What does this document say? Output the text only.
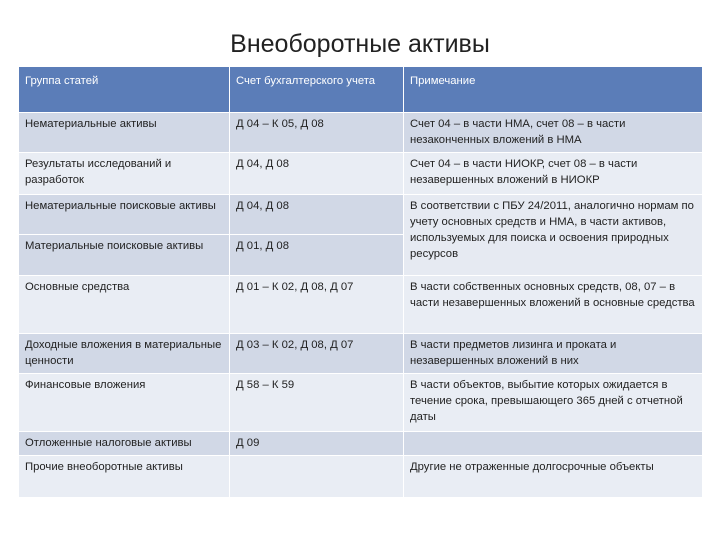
Внеоборотные активы
Группа статей	Счет бухгалтерского учета	Примечание
Нематериальные активы	Д 04 – К 05, Д 08	Счет 04 – в части НМА, счет 08 – в части незаконченных вложений в НМА
Результаты исследований и разработок	Д 04, Д 08	Счет 04 – в части НИОКР, счет 08 – в части незавершенных вложений в НИОКР
Нематериальные поисковые активы	Д 04, Д 08	В соответствии с ПБУ 24/2011, аналогично нормам по учету основных средств и НМА, в части активов, используемых для поиска и освоения природных ресурсов
Материальные поисковые активы	Д 01, Д 08	
Основные средства	Д 01 – К 02, Д 08, Д 07	В части собственных основных средств, 08, 07 – в части незавершенных вложений в основные средства
Доходные вложения в материальные ценности	Д 03 – К 02, Д 08, Д 07	В части предметов лизинга и проката и незавершенных вложений в них
Финансовые вложения	Д 58 – К 59	В части объектов, выбытие которых ожидается в течение срока, превышающего 365 дней с отчетной даты
Отложенные налоговые активы	Д 09	
Прочие внеоборотные активы		Другие не отраженные долгосрочные объекты
